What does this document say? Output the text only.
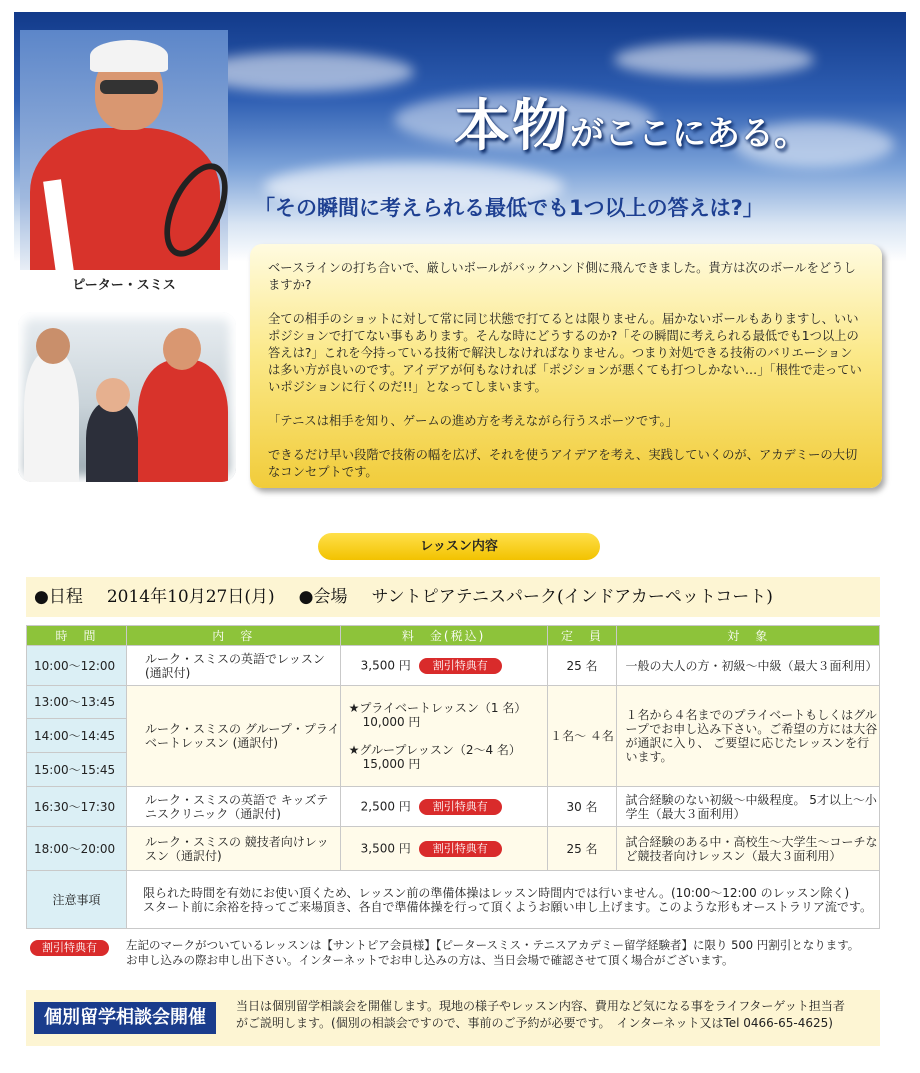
本物がここにある。
「その瞬間に考えられる最低でも1つ以上の答えは?」
ピーター・スミス

ベースラインの打ち合いで、厳しいボールがバックハンド側に飛んできました。貴方は次のボールをどうしますか?

全ての相手のショットに対して常に同じ状態で打てるとは限りません。届かないボールもありますし、いいポジションで打てない事もあります。そんな時にどうするのか?「その瞬間に考えられる最低でも1つ以上の答えは?」これを今持っている技術で解決しなければなりません。つまり対処できる技術のバリエーションは多い方が良いのです。アイデアが何もなければ「ポジションが悪くても打つしかない…」「根性で走っていいポジションに行くのだ!!」となってしまいます。

「テニスは相手を知り、ゲームの進め方を考えながら行うスポーツです。」

できるだけ早い段階で技術の幅を広げ、それを使うアイデアを考え、実践していくのが、アカデミーの大切なコンセプトです。

レッスン内容
●日程 2014年10月27日(月) ●会場 サントピアテニスパーク(インドアカーペットコート)
時　間	内　容	料　金(税込)	定　員	対　象
10:00〜12:00	ルーク・スミスの英語でレッスン (通訳付)	3,500 円 割引特典有	25 名	一般の大人の方・初級〜中級（最大３面利用）
13:00〜13:45	ルーク・スミスの グループ・プライベートレッスン (通訳付)	★プライベートレッスン（1 名）
10,000 円
★グループレッスン（2〜4 名）
15,000 円	１名〜 ４名	１名から４名までのプライベートもしくはグループでお申し込み下さい。ご希望の方には大谷が通訳に入り、 ご要望に応じたレッスンを行います。
14:00〜14:45				
15:00〜15:45				
16:30〜17:30	ルーク・スミスの英語で キッズテニスクリニック（通訳付)	2,500 円 割引特典有	30 名	試合経験のない初級〜中級程度。 5才以上〜小学生（最大３面利用）
18:00〜20:00	ルーク・スミスの 競技者向けレッスン（通訳付)	3,500 円 割引特典有	25 名	試合経験のある中・高校生〜大学生〜コーチなど競技者向けレッスン（最大３面利用）
注意事項	限られた時間を有効にお使い頂くため、レッスン前の準備体操はレッスン時間内では行いません。(10:00〜12:00 のレッスン除く)
スタート前に余裕を持ってご来場頂き、各自で準備体操を行って頂くようお願い申し上げます。このような形もオーストラリア流です。			
割引特典有	左記のマークがついているレッスンは【サントピア会員様】【ピータースミス・テニスアカデミー留学経験者】に限り 500 円割引となります。
お申し込みの際お申し出下さい。インターネットでお申し込みの方は、当日会場で確認させて頂く場合がございます。
個別留学相談会開催
当日は個別留学相談会を開催します。現地の様子やレッスン内容、費用など気になる事をライフターゲット担当者
がご説明します。(個別の相談会ですので、事前のご予約が必要です。　インターネット又はTel 0466-65-4625)
